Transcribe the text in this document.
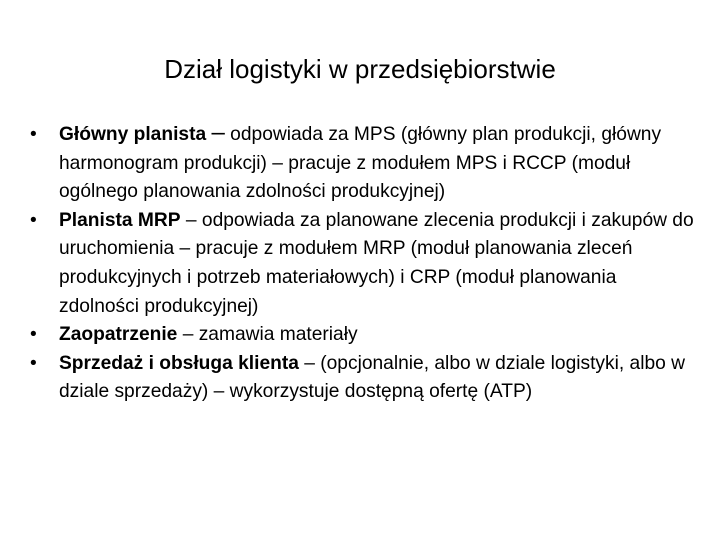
Dział logistyki w przedsiębiorstwie
•	Główny planista – odpowiada za MPS (główny plan produkcji, główny harmonogram produkcji) – pracuje z modułem MPS i RCCP (moduł ogólnego planowania zdolności produkcyjnej)
•	Planista MRP – odpowiada za planowane zlecenia produkcji i zakupów do uruchomienia – pracuje z modułem MRP (moduł planowania zleceń produkcyjnych i potrzeb materiałowych) i CRP (moduł planowania zdolności produkcyjnej)
•	Zaopatrzenie – zamawia materiały
•	Sprzedaż i obsługa klienta – (opcjonalnie, albo w dziale logistyki, albo w dziale sprzedaży) – wykorzystuje dostępną ofertę (ATP)
